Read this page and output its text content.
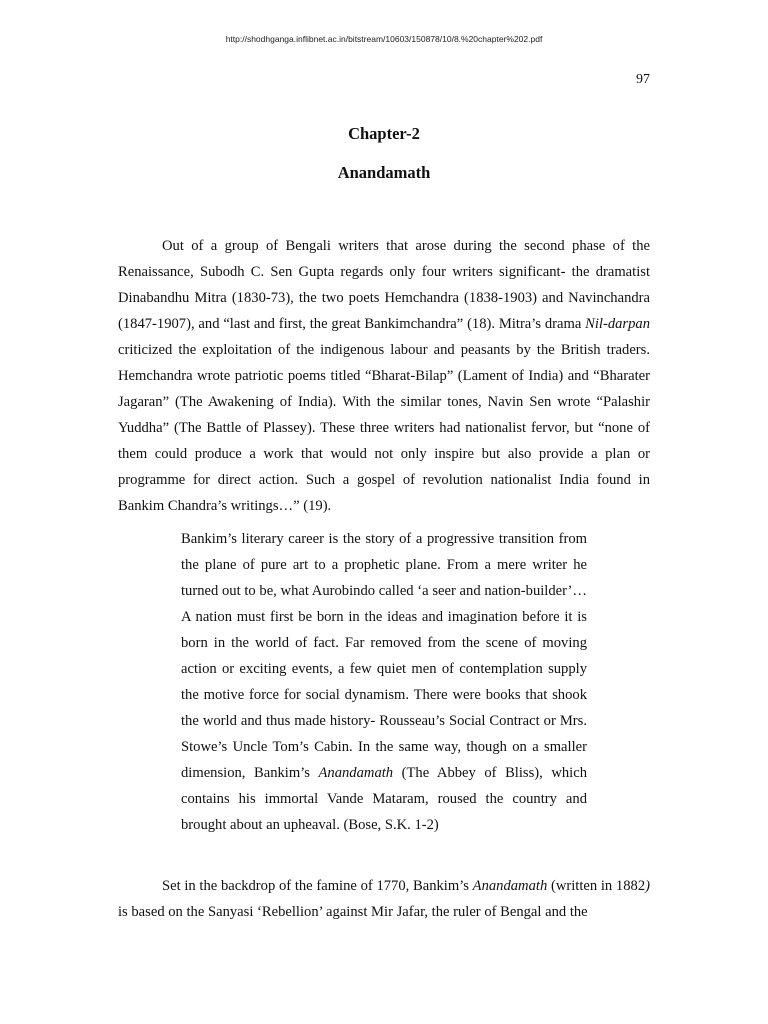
http://shodhganga.inflibnet.ac.in/bitstream/10603/150878/10/8.%20chapter%202.pdf
97
Chapter-2
Anandamath

Out of a group of Bengali writers that arose during the second phase of the Renaissance, Subodh C. Sen Gupta regards only four writers significant- the dramatist Dinabandhu Mitra (1830-73), the two poets Hemchandra (1838-1903) and Navinchandra (1847-1907), and “last and first, the great Bankimchandra” (18). Mitra’s drama Nil-darpan criticized the exploitation of the indigenous labour and peasants by the British traders. Hemchandra wrote patriotic poems titled “Bharat-Bilap” (Lament of India) and “Bharater Jagaran” (The Awakening of India). With the similar tones, Navin Sen wrote “Palashir Yuddha” (The Battle of Plassey). These three writers had nationalist fervor, but “none of them could produce a work that would not only inspire but also provide a plan or programme for direct action. Such a gospel of revolution nationalist India found in Bankim Chandra’s writings…” (19).

Bankim’s literary career is the story of a progressive transition from the plane of pure art to a prophetic plane. From a mere writer he turned out to be, what Aurobindo called ‘a seer and nation-builder’…A nation must first be born in the ideas and imagination before it is born in the world of fact. Far removed from the scene of moving action or exciting events, a few quiet men of contemplation supply the motive force for social dynamism. There were books that shook the world and thus made history- Rousseau’s Social Contract or Mrs. Stowe’s Uncle Tom’s Cabin. In the same way, though on a smaller dimension, Bankim’s Anandamath (The Abbey of Bliss), which contains his immortal Vande Mataram, roused the country and brought about an upheaval. (Bose, S.K. 1-2)

Set in the backdrop of the famine of 1770, Bankim’s Anandamath (written in 1882) is based on the Sanyasi ‘Rebellion’ against Mir Jafar, the ruler of Bengal and the
